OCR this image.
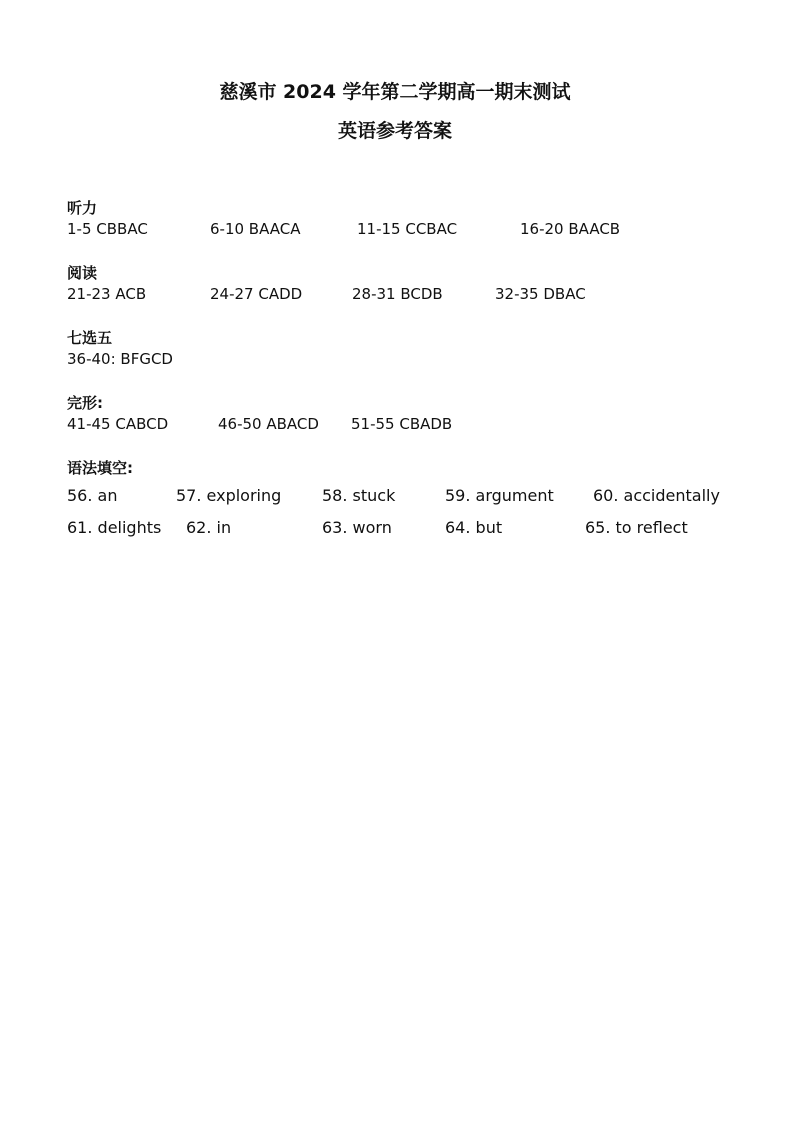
慈溪市 2024 学年第二学期高一期末测试
英语参考答案
听力
1-5 CBBAC	6-10 BAACA	11-15 CCBAC	16-20 BAACB
阅读
21-23 ACB	24-27 CADD	28-31 BCDB	32-35 DBAC
七选五
36-40: BFGCD
完形:
41-45 CABCD	46-50 ABACD 51-55 CBADB
语法填空:
56. an	57. exploring	58. stuck	59. argument 60. accidentally
61. delights 62. in	63. worn	64. but	65. to reflect
